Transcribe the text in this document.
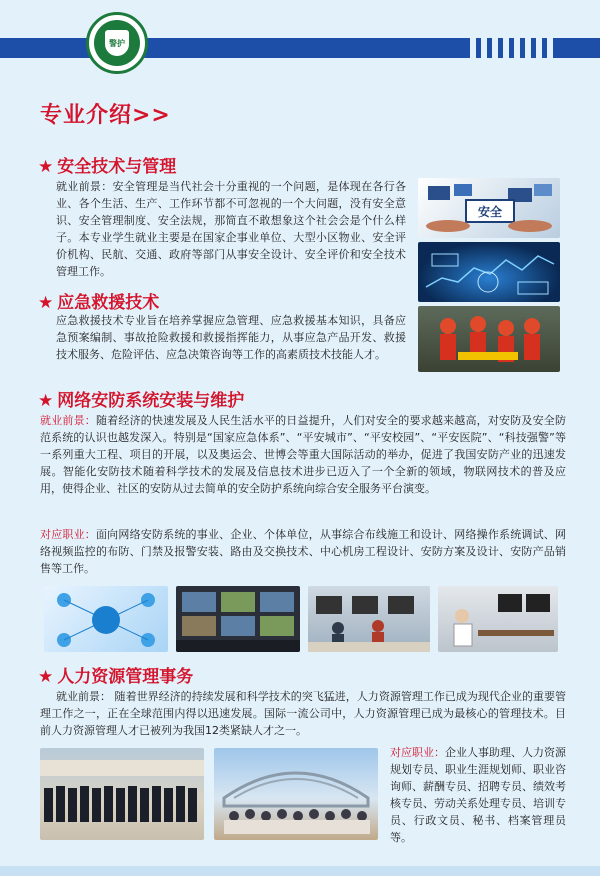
警护
专业介绍>>
★ 安全技术与管理
就业前景：安全管理是当代社会十分重视的一个问题，是体现在各行各业、各个生活、生产、工作环节都不可忽视的一个大问题，没有安全意识、安全管理制度、安全法规，那简直不敢想象这个社会会是个什么样子。本专业学生就业主要是在国家企事业单位、大型小区物业、安全评价机构、民航、交通、政府等部门从事安全设计、安全评价和安全技术管理工作。
安全
★ 应急救援技术
应急救援技术专业旨在培养掌握应急管理、应急救援基本知识，具备应急预案编制、事故抢险救援和救援指挥能力，从事应急产品开发、救援技术服务、危险评估、应急决策咨询等工作的高素质技术技能人才。
★ 网络安防系统安装与维护
就业前景：随着经济的快速发展及人民生活水平的日益提升，人们对安全的要求越来越高，对安防及安全防范系统的认识也越发深入。特别是“国家应急体系”、“平安城市”、“平安校园”、“平安医院”、“科技强警”等一系列重大工程、项目的开展，以及奥运会、世博会等重大国际活动的举办，促进了我国安防产业的迅速发展。智能化安防技术随着科学技术的发展及信息技术进步已迈入了一个全新的领域，物联网技术的普及应用，使得企业、社区的安防从过去简单的安全防护系统向综合安全服务平台演变。
对应职业：面向网络安防系统的事业、企业、个体单位，从事综合布线施工和设计、网络操作系统调试、网络视频监控的布防、门禁及报警安装、路由及交换技术、中心机房工程设计、安防方案及设计、安防产品销售等工作。
★ 人力资源管理事务
就业前景： 随着世界经济的持续发展和科学技术的突飞猛进，人力资源管理工作已成为现代企业的重要管理工作之一，正在全球范围内得以迅速发展。国际一流公司中，人力资源管理已成为最核心的管理技术。目前人力资源管理人才已被列为我国12类紧缺人才之一。
对应职业：企业人事助理、人力资源规划专员、职业生涯规划师、职业咨询师、薪酬专员、招聘专员、绩效考核专员、劳动关系处理专员、培训专员、行政文员、秘书、档案管理员等。
